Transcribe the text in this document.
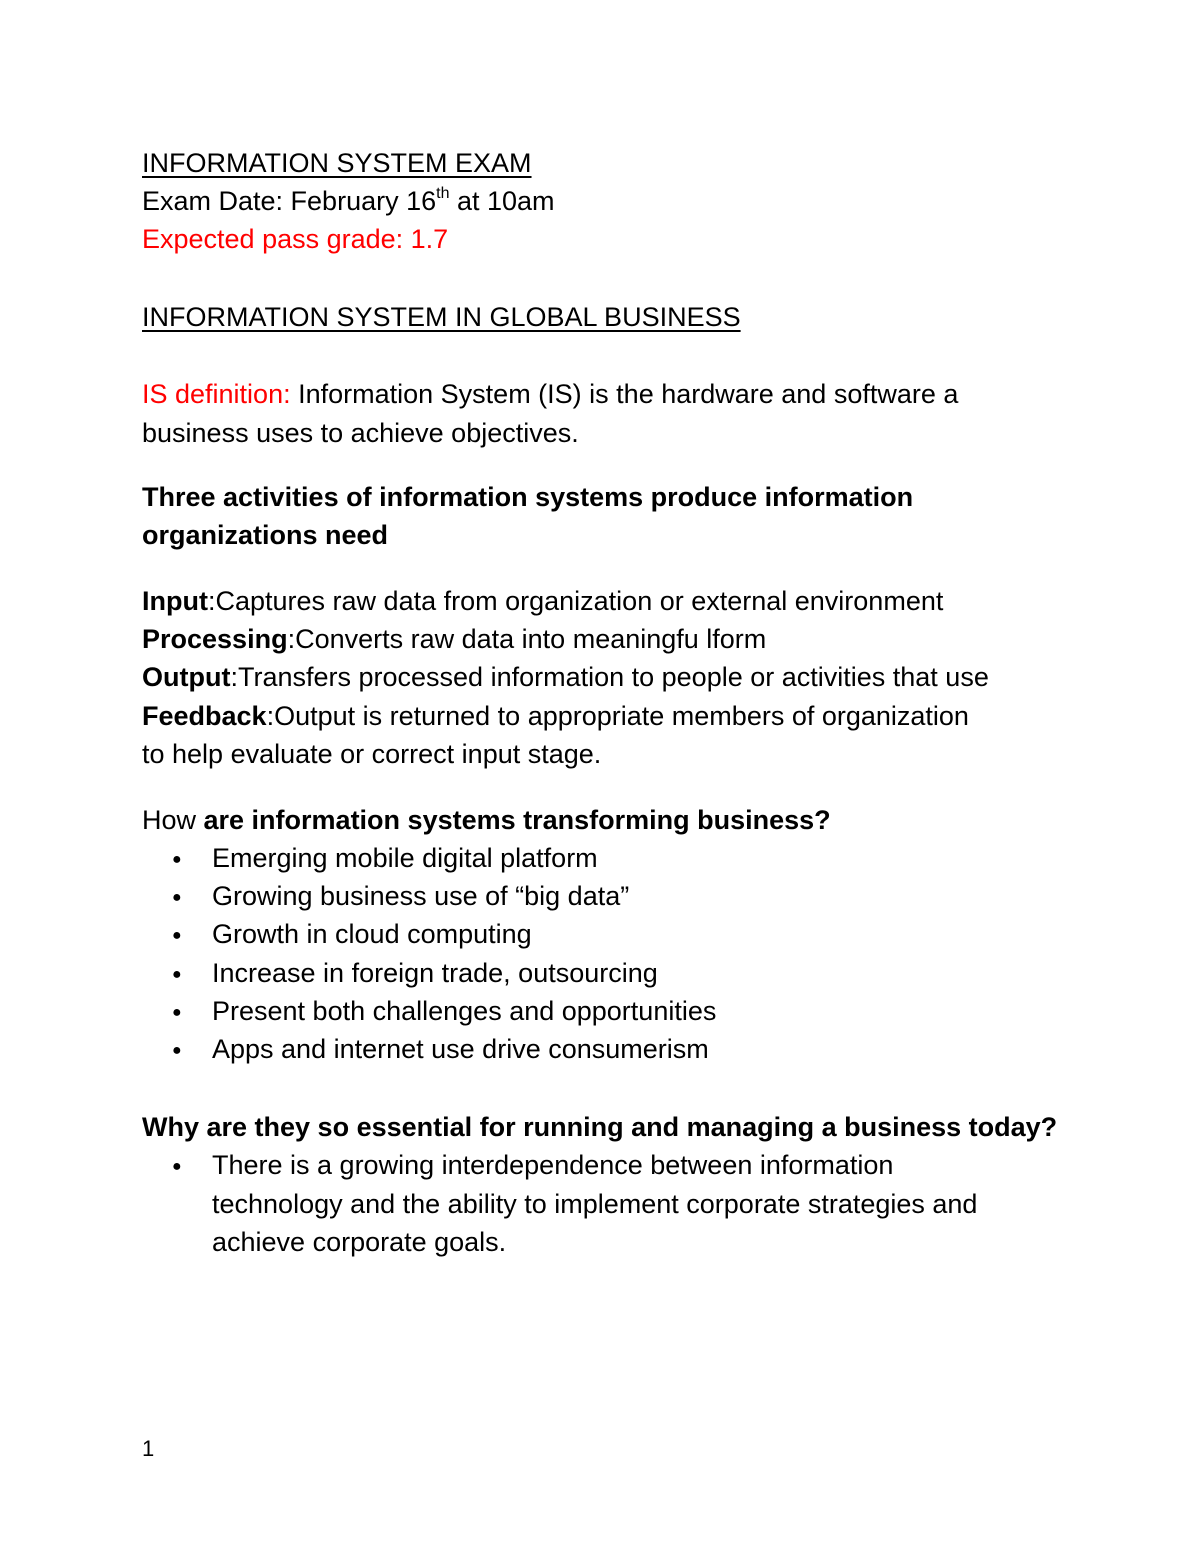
INFORMATION SYSTEM EXAM
Exam Date: February 16th at 10am
Expected pass grade: 1.7
INFORMATION SYSTEM IN GLOBAL BUSINESS
IS definition: Information System (IS) is the hardware and software a
business uses to achieve objectives.
Three activities of information systems produce information
organizations need
Input:Captures raw data from organization or external environment
Processing:Converts raw data into meaningfu lform
Output:Transfers processed information to people or activities that use
Feedback:Output is returned to appropriate members of organization
to help evaluate or correct input stage.
How are information systems transforming business?
● Emerging mobile digital platform
● Growing business use of “big data”
● Growth in cloud computing
● Increase in foreign trade, outsourcing
● Present both challenges and opportunities
● Apps and internet use drive consumerism
Why are they so essential for running and managing a business today?
● There is a growing interdependence between information
technology and the ability to implement corporate strategies and
achieve corporate goals.
1
